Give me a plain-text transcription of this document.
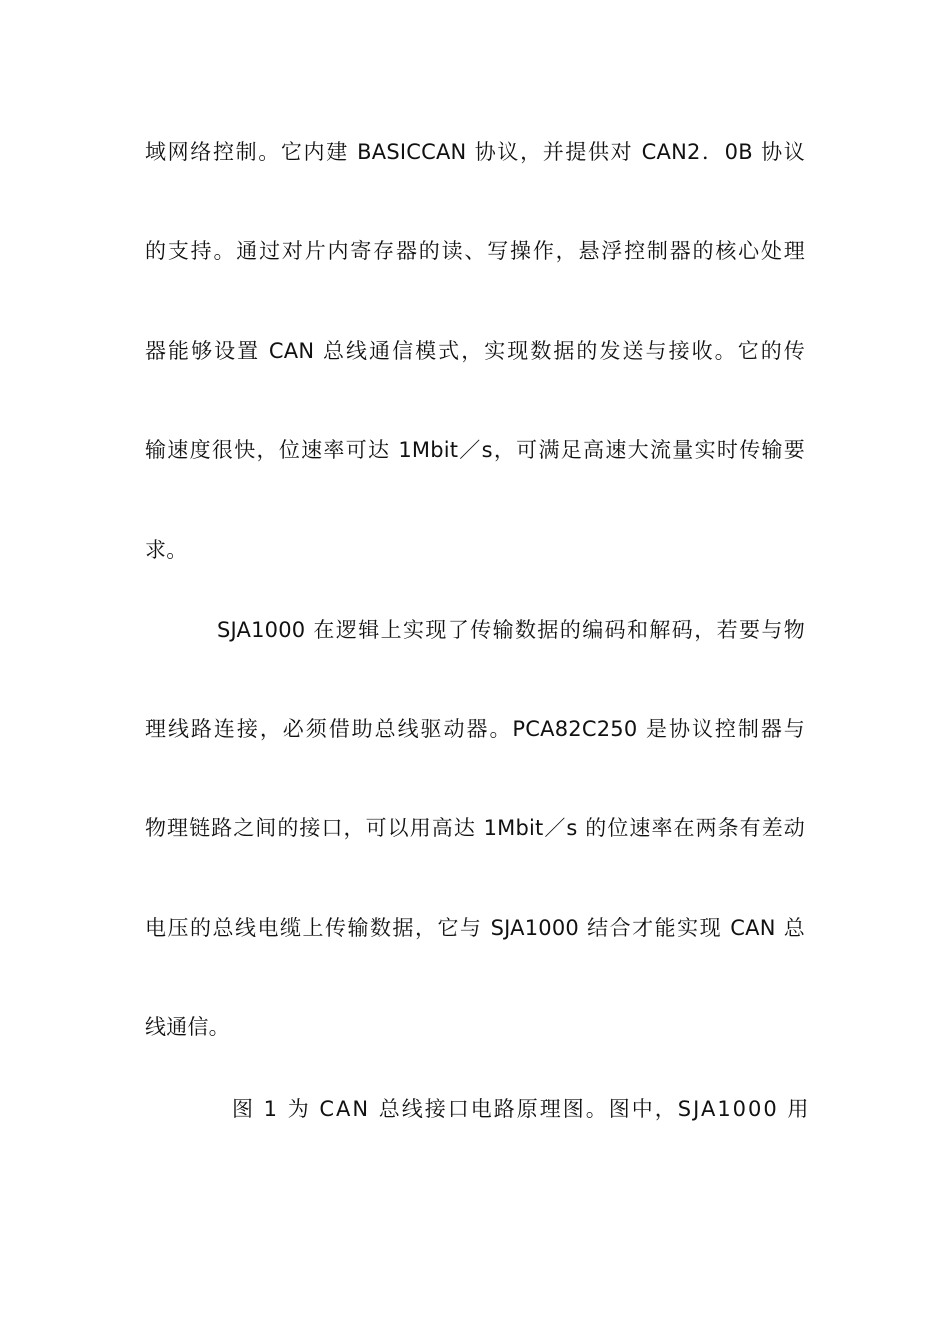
域网络控制。它内建 BASICCAN 协议，并提供对 CAN2．0B 协议
的支持。通过对片内寄存器的读、写操作，悬浮控制器的核心处理
器能够设置 CAN 总线通信模式，实现数据的发送与接收。它的传
输速度很快，位速率可达 1Mbit／s，可满足高速大流量实时传输要
求。
SJA1000 在逻辑上实现了传输数据的编码和解码，若要与物
理线路连接，必须借助总线驱动器。PCA82C250 是协议控制器与
物理链路之间的接口，可以用高达 1Mbit／s 的位速率在两条有差动
电压的总线电缆上传输数据，它与 SJA1000 结合才能实现 CAN 总
线通信。
图 1 为 CAN 总线接口电路原理图。图中，SJA1000 用
